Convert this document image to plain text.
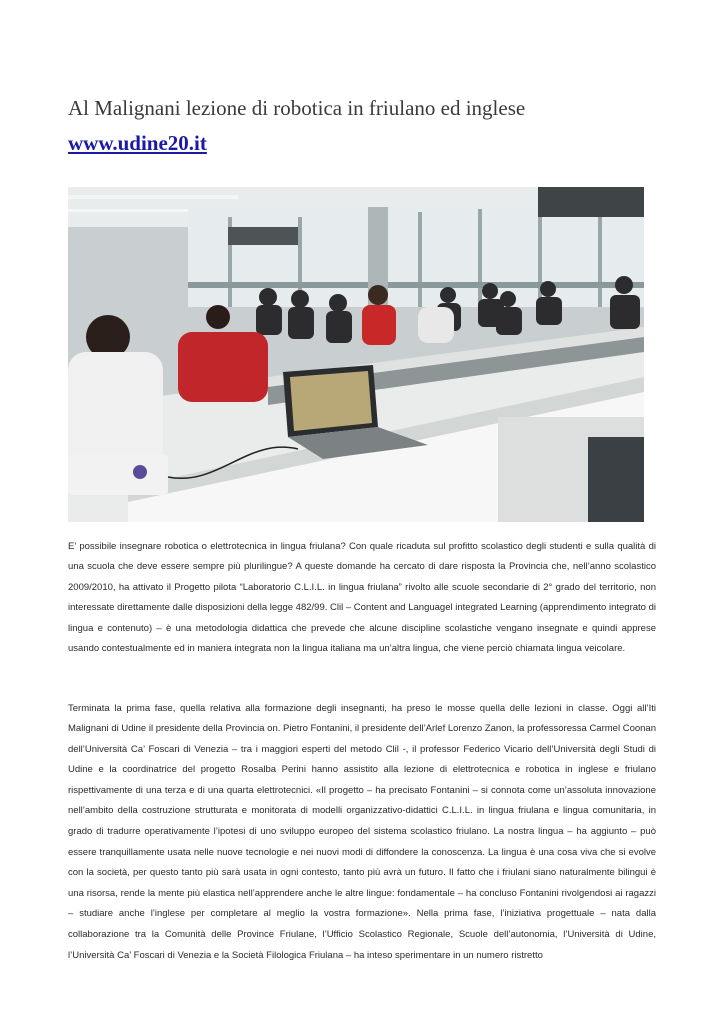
Al Malignani lezione di robotica in friulano ed inglese
www.udine20.it

E’ possibile insegnare robotica o elettrotecnica in lingua friulana? Con quale ricaduta sul profitto scolastico degli studenti e sulla qualità di una scuola che deve essere sempre più plurilingue? A queste domande ha cercato di dare risposta la Provincia che, nell’anno scolastico 2009/2010, ha attivato il Progetto pilota “Laboratorio C.L.I.L. in lingua friulana” rivolto alle scuole secondarie di 2° grado del territorio, non interessate direttamente dalle disposizioni della legge 482/99. Clil – Content and Languagel integrated Learning (apprendimento integrato di lingua e contenuto) – è una metodologia didattica che prevede che alcune discipline scolastiche vengano insegnate e quindi apprese usando contestualmente ed in maniera integrata non la lingua italiana ma un’altra lingua, che viene perciò chiamata lingua veicolare.

Terminata la prima fase, quella relativa alla formazione degli insegnanti, ha preso le mosse quella delle lezioni in classe. Oggi all’Iti Malignani di Udine il presidente della Provincia on. Pietro Fontanini, il presidente dell’Arlef Lorenzo Zanon, la professoressa Carmel Coonan dell’Università Ca’ Foscari di Venezia – tra i maggiori esperti del metodo Clil -, il professor Federico Vicario dell’Università degli Studi di Udine e la coordinatrice del progetto Rosalba Perini hanno assistito alla lezione di elettrotecnica e robotica in inglese e friulano rispettivamente di una terza e di una quarta elettrotecnici. «Il progetto – ha precisato Fontanini – si connota come un’assoluta innovazione nell’ambito della costruzione strutturata e monitorata di modelli organizzativo-didattici C.L.I.L. in lingua friulana e lingua comunitaria, in grado di tradurre operativamente l’ipotesi di uno sviluppo europeo del sistema scolastico friulano. La nostra lingua – ha aggiunto – può essere tranquillamente usata nelle nuove tecnologie e nei nuovi modi di diffondere la conoscenza. La lingua è una cosa viva che si evolve con la società, per questo tanto più sarà usata in ogni contesto, tanto più avrà un futuro. Il fatto che i friulani siano naturalmente bilingui è una risorsa, rende la mente più elastica nell’apprendere anche le altre lingue: fondamentale – ha concluso Fontanini rivolgendosi ai ragazzi – studiare anche l’inglese per completare al meglio la vostra formazione». Nella prima fase, l’iniziativa progettuale – nata dalla collaborazione tra la Comunità delle Province Friulane, l’Ufficio Scolastico Regionale, Scuole dell’autonomia, l’Università di Udine, l’Università Ca’ Foscari di Venezia e la Società Filologica Friulana – ha inteso sperimentare in un numero ristretto
